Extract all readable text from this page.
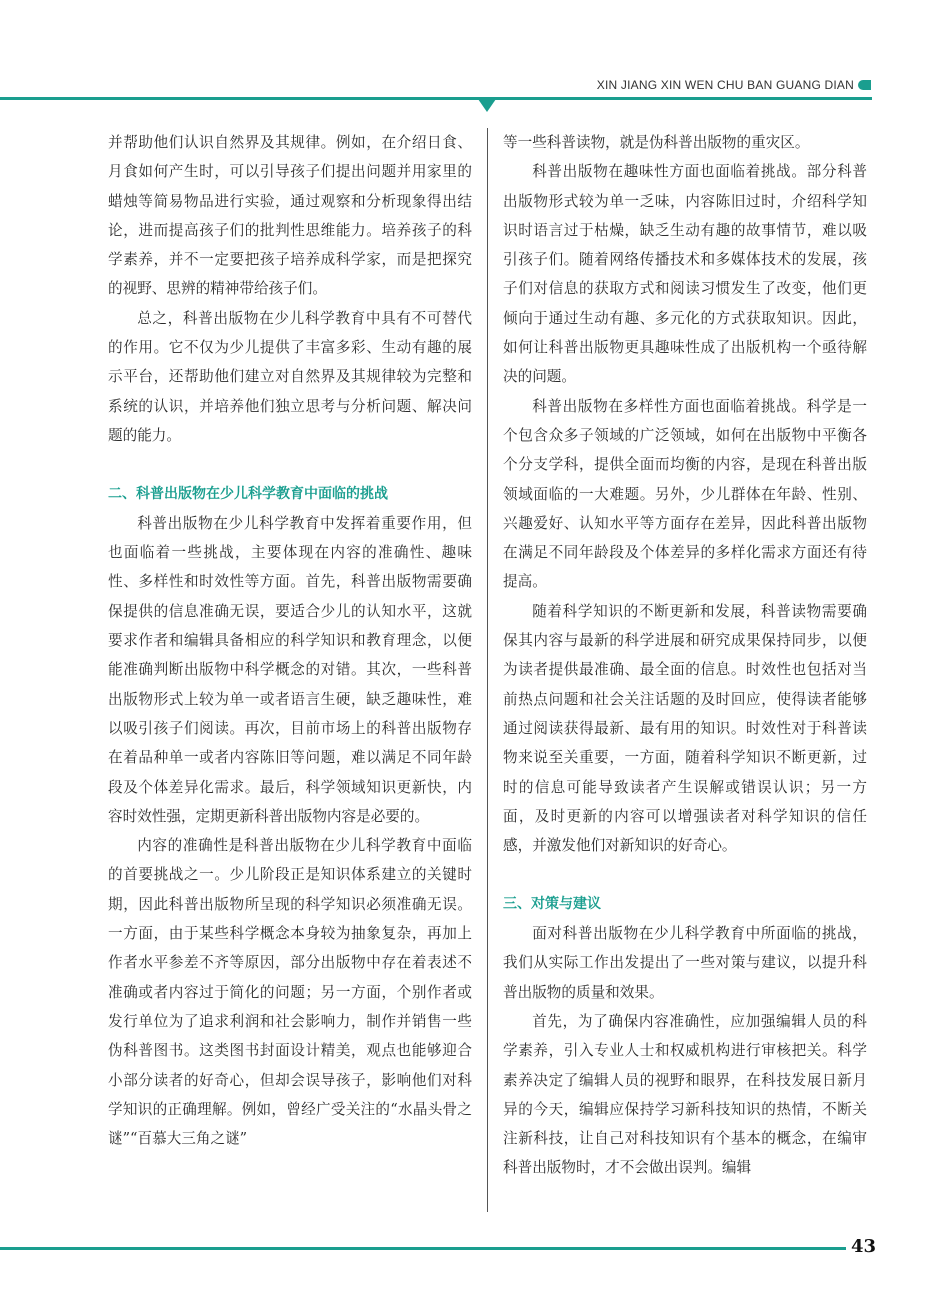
XIN JIANG XIN WEN CHU BAN GUANG DIAN

并帮助他们认识自然界及其规律。例如，在介绍日食、月食如何产生时，可以引导孩子们提出问题并用家里的蜡烛等简易物品进行实验，通过观察和分析现象得出结论，进而提高孩子们的批判性思维能力。培养孩子的科学素养，并不一定要把孩子培养成科学家，而是把探究的视野、思辨的精神带给孩子们。

总之，科普出版物在少儿科学教育中具有不可替代的作用。它不仅为少儿提供了丰富多彩、生动有趣的展示平台，还帮助他们建立对自然界及其规律较为完整和系统的认识，并培养他们独立思考与分析问题、解决问题的能力。

二、科普出版物在少儿科学教育中面临的挑战

科普出版物在少儿科学教育中发挥着重要作用，但也面临着一些挑战，主要体现在内容的准确性、趣味性、多样性和时效性等方面。首先，科普出版物需要确保提供的信息准确无误，要适合少儿的认知水平，这就要求作者和编辑具备相应的科学知识和教育理念，以便能准确判断出版物中科学概念的对错。其次，一些科普出版物形式上较为单一或者语言生硬，缺乏趣味性，难以吸引孩子们阅读。再次，目前市场上的科普出版物存在着品种单一或者内容陈旧等问题，难以满足不同年龄段及个体差异化需求。最后，科学领域知识更新快，内容时效性强，定期更新科普出版物内容是必要的。

内容的准确性是科普出版物在少儿科学教育中面临的首要挑战之一。少儿阶段正是知识体系建立的关键时期，因此科普出版物所呈现的科学知识必须准确无误。一方面，由于某些科学概念本身较为抽象复杂，再加上作者水平参差不齐等原因，部分出版物中存在着表述不准确或者内容过于简化的问题；另一方面，个别作者或发行单位为了追求利润和社会影响力，制作并销售一些伪科普图书。这类图书封面设计精美，观点也能够迎合小部分读者的好奇心，但却会误导孩子，影响他们对科学知识的正确理解。例如，曾经广受关注的“水晶头骨之谜”“百慕大三角之谜”

等一些科普读物，就是伪科普出版物的重灾区。

科普出版物在趣味性方面也面临着挑战。部分科普出版物形式较为单一乏味，内容陈旧过时，介绍科学知识时语言过于枯燥，缺乏生动有趣的故事情节，难以吸引孩子们。随着网络传播技术和多媒体技术的发展，孩子们对信息的获取方式和阅读习惯发生了改变，他们更倾向于通过生动有趣、多元化的方式获取知识。因此，如何让科普出版物更具趣味性成了出版机构一个亟待解决的问题。

科普出版物在多样性方面也面临着挑战。科学是一个包含众多子领域的广泛领域，如何在出版物中平衡各个分支学科，提供全面而均衡的内容，是现在科普出版领域面临的一大难题。另外，少儿群体在年龄、性别、兴趣爱好、认知水平等方面存在差异，因此科普出版物在满足不同年龄段及个体差异的多样化需求方面还有待提高。

随着科学知识的不断更新和发展，科普读物需要确保其内容与最新的科学进展和研究成果保持同步，以便为读者提供最准确、最全面的信息。时效性也包括对当前热点问题和社会关注话题的及时回应，使得读者能够通过阅读获得最新、最有用的知识。时效性对于科普读物来说至关重要，一方面，随着科学知识不断更新，过时的信息可能导致读者产生误解或错误认识；另一方面，及时更新的内容可以增强读者对科学知识的信任感，并激发他们对新知识的好奇心。

三、对策与建议

面对科普出版物在少儿科学教育中所面临的挑战，我们从实际工作出发提出了一些对策与建议，以提升科普出版物的质量和效果。

首先，为了确保内容准确性，应加强编辑人员的科学素养，引入专业人士和权威机构进行审核把关。科学素养决定了编辑人员的视野和眼界，在科技发展日新月异的今天，编辑应保持学习新科技知识的热情，不断关注新科技，让自己对科技知识有个基本的概念，在编审科普出版物时，才不会做出误判。编辑

43
